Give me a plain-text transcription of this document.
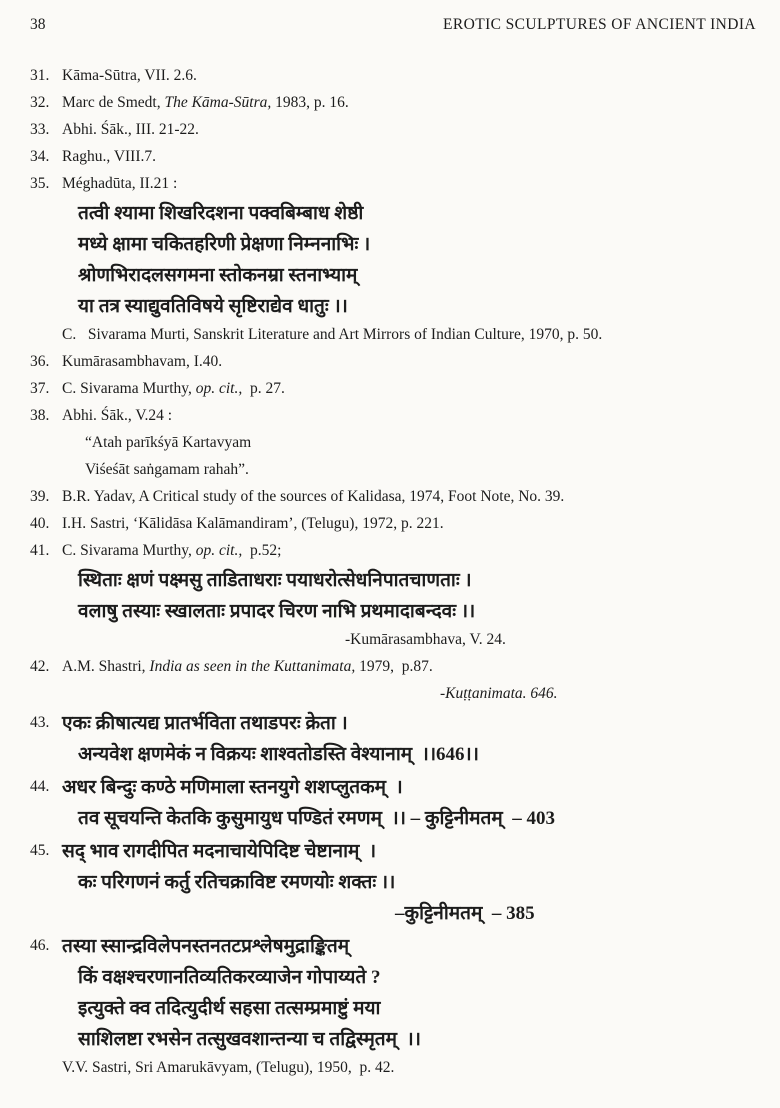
38	EROTIC SCULPTURES OF ANCIENT INDIA
31. Kāma-Sūtra, VII. 2.6.
32. Marc de Smedt, The Kāma-Sūtra, 1983, p. 16.
33. Abhi. Śāk., III. 21-22.
34. Raghu., VIII.7.
35. Méghadūta, II.21 :
तत्वी श्यामा शिखरिदशना पक्वबिम्बाध शेष्ठी
मध्ये क्षामा चकितहरिणी प्रेक्षणा निम्ननाभिः ।
श्रोणभिरादलसगमना स्तोकनम्रा स्तनाभ्याम्
या तत्र स्याद्युवतिविषये सृष्टिराद्येव धातुः ।।
C.   Sivarama Murti, Sanskrit Literature and Art Mirrors of Indian Culture, 1970, p. 50.
36. Kumārasambhavam, I.40.
37. C. Sivarama Murthy, op. cit.,  p. 27.
38. Abhi. Śāk., V.24 :
“Atah parīkśyā Kartavyam
Viśeśāt saṅgamam rahah”.
39. B.R. Yadav, A Critical study of the sources of Kalidasa, 1974, Foot Note, No. 39.
40. I.H. Sastri, ‘Kālidāsa Kalāmandiram’, (Telugu), 1972, p. 221.
41. C. Sivarama Murthy, op. cit.,  p.52;
स्थिताः क्षणं पक्ष्मसु ताडिताधराः पयाधरोत्सेधनिपातचाणताः ।
वलाषु तस्याः स्खालताः प्रपादर चिरण नाभि प्रथमादाबन्दवः ।।
-Kumārasambhava, V. 24.
42. A.M. Shastri, India as seen in the Kuttanimata, 1979,  p.87.
-Kuṭṭanimata. 646.
43. एकः क्रीषात्यद्य प्रातर्भविता तथाडपरः क्रेता ।
अन्यवेश क्षणमेकं न विक्रयः शाश्वतोडस्ति वेश्यानाम्  ।।646।।
44. अधर बिन्दुः कण्ठे मणिमाला स्तनयुगे शशप्लुतकम्  ।
तव सूचयन्ति केतकि कुसुमायुध पण्डितं रमणम्  ।। – कुट्टिनीमतम्  – 403
45. सद् भाव रागदीपित मदनाचायेपिदिष्ट चेष्टानाम्  ।
कः परिगणनं कर्तु रतिचक्राविष्ट रमणयोः शक्तः ।।
–कुट्टिनीमतम्  – 385
46. तस्या स्सान्द्रविलेपनस्तनतटप्रश्लेषमुद्राङ्कितम्
किं वक्षश्चरणानतिव्यतिकरव्याजेन गोपाय्यते ?
इत्युक्ते क्व तदित्युदीर्थ सहसा तत्सम्प्रमाष्टुं मया
साशिलष्टा रभसेन तत्सुखवशान्तन्या च तद्विस्मृतम्  ।।
V.V. Sastri, Sri Amarukāvyam, (Telugu), 1950,  p. 42.
